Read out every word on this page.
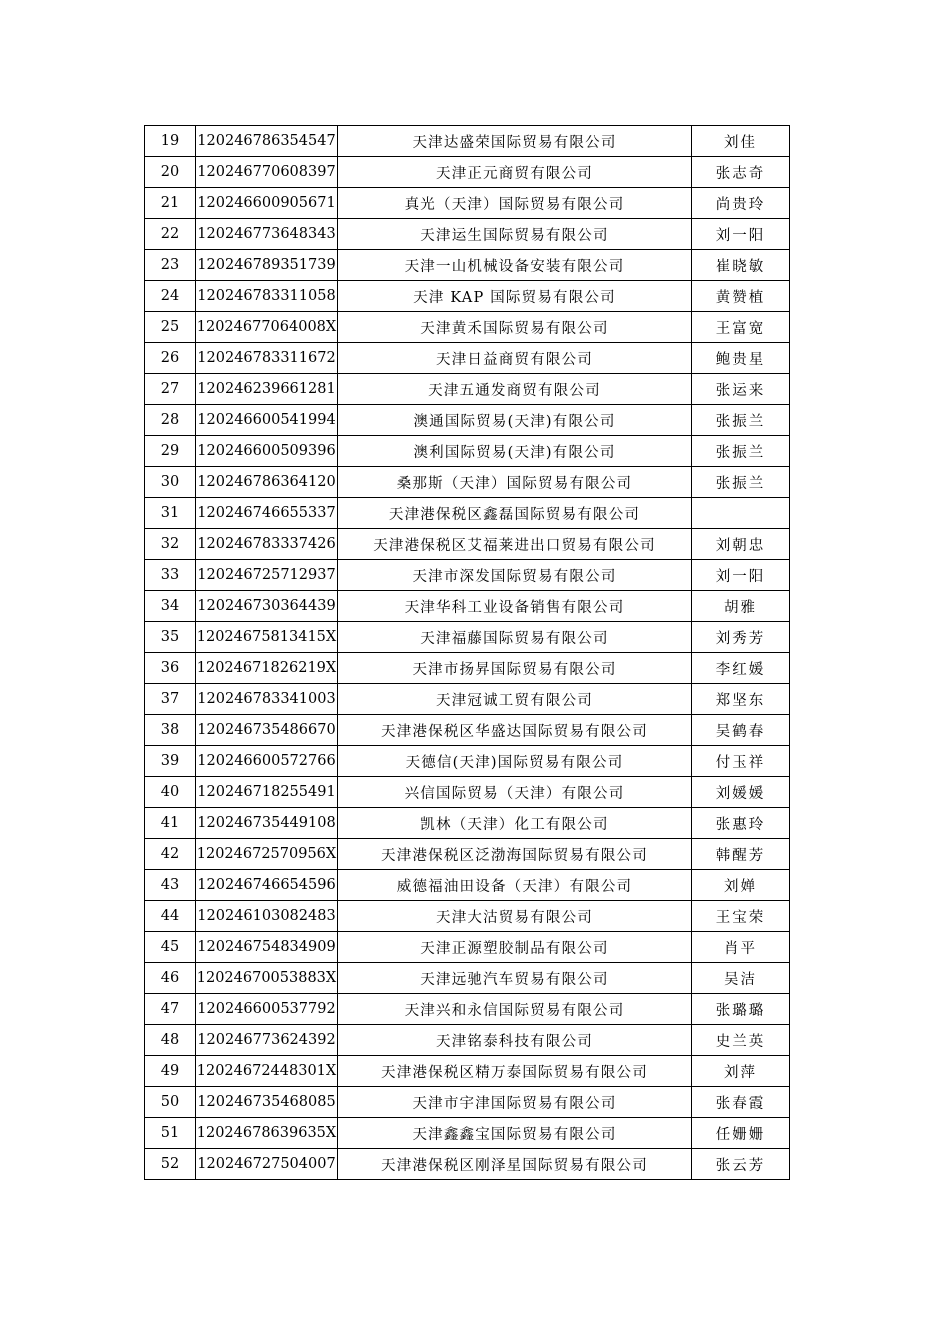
19	120246786354547	天津达盛荣国际贸易有限公司	刘佳
20	120246770608397	天津正元商贸有限公司	张志奇
21	120246600905671	真光（天津）国际贸易有限公司	尚贵玲
22	120246773648343	天津运生国际贸易有限公司	刘一阳
23	120246789351739	天津一山机械设备安装有限公司	崔晓敏
24	120246783311058	天津 KAP 国际贸易有限公司	黄赞植
25	12024677064008X	天津黄禾国际贸易有限公司	王富宽
26	120246783311672	天津日益商贸有限公司	鲍贵星
27	120246239661281	天津五通发商贸有限公司	张运来
28	120246600541994	澳通国际贸易(天津)有限公司	张振兰
29	120246600509396	澳利国际贸易(天津)有限公司	张振兰
30	120246786364120	桑那斯（天津）国际贸易有限公司	张振兰
31	120246746655337	天津港保税区鑫磊国际贸易有限公司	
32	120246783337426	天津港保税区艾福莱进出口贸易有限公司	刘朝忠
33	120246725712937	天津市深发国际贸易有限公司	刘一阳
34	120246730364439	天津华科工业设备销售有限公司	胡雅
35	12024675813415X	天津福藤国际贸易有限公司	刘秀芳
36	12024671826219X	天津市扬昇国际贸易有限公司	李红媛
37	120246783341003	天津冠诚工贸有限公司	郑坚东
38	120246735486670	天津港保税区华盛达国际贸易有限公司	吴鹤春
39	120246600572766	天德信(天津)国际贸易有限公司	付玉祥
40	120246718255491	兴信国际贸易（天津）有限公司	刘媛媛
41	120246735449108	凯林（天津）化工有限公司	张惠玲
42	12024672570956X	天津港保税区泛渤海国际贸易有限公司	韩醒芳
43	120246746654596	威德福油田设备（天津）有限公司	刘婵
44	120246103082483	天津大沽贸易有限公司	王宝荣
45	120246754834909	天津正源塑胶制品有限公司	肖平
46	12024670053883X	天津远驰汽车贸易有限公司	吴洁
47	120246600537792	天津兴和永信国际贸易有限公司	张璐璐
48	120246773624392	天津铭泰科技有限公司	史兰英
49	12024672448301X	天津港保税区精万泰国际贸易有限公司	刘萍
50	120246735468085	天津市宇津国际贸易有限公司	张春霞
51	12024678639635X	天津鑫鑫宝国际贸易有限公司	任姗姗
52	120246727504007	天津港保税区刚泽星国际贸易有限公司	张云芳
